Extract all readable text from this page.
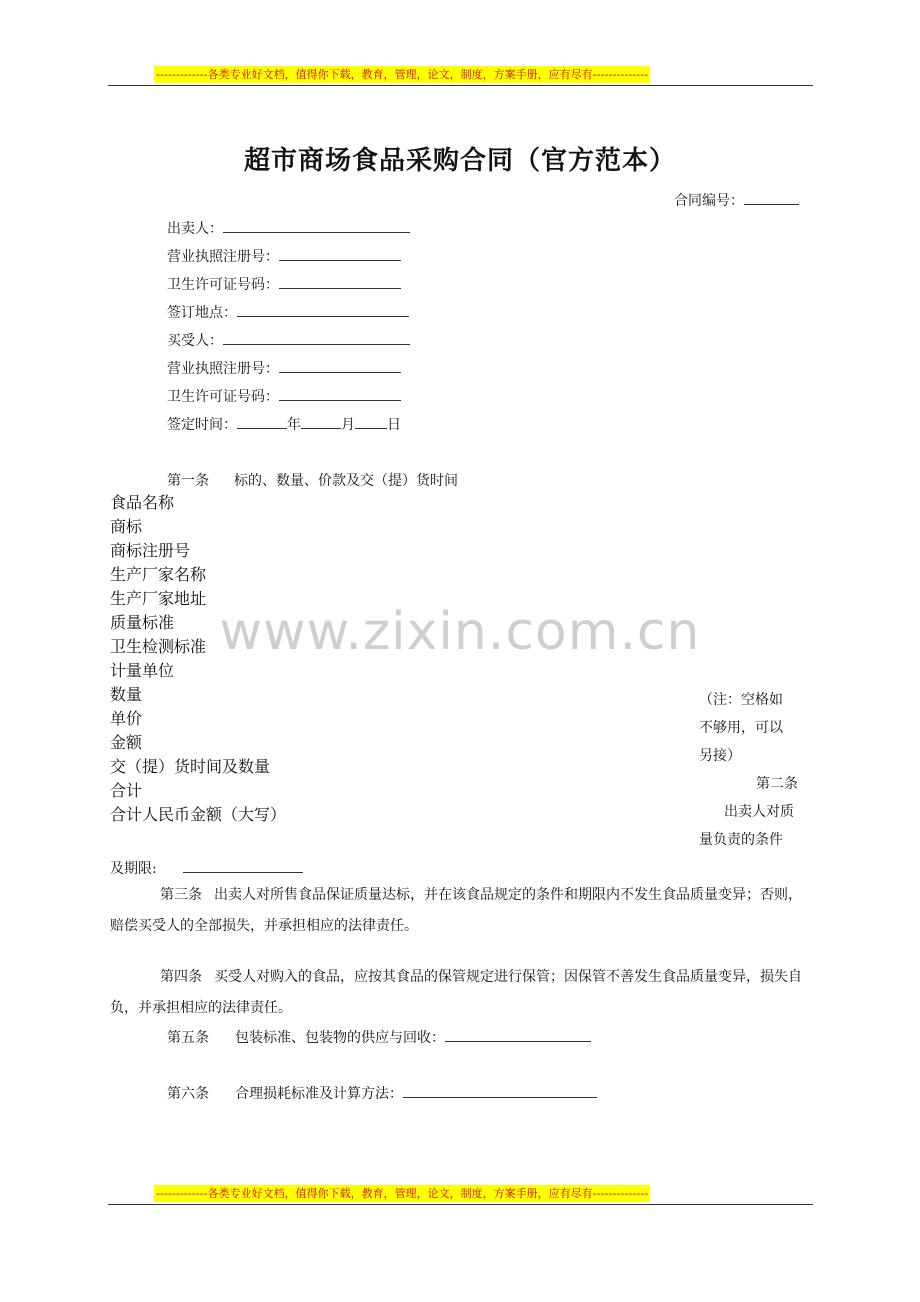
-------------各类专业好文档，值得你下载，教育，管理，论文，制度，方案手册，应有尽有--------------
超市商场食品采购合同（官方范本）
合同编号：
出卖人：
营业执照注册号：
卫生许可证号码：
签订地点：
买受人：
营业执照注册号：
卫生许可证号码：
签定时间：	年	月 日
第一条 标的、数量、价款及交（提）货时间
食品名称
商标
商标注册号
生产厂家名称
生产厂家地址
质量标准
卫生检测标准
计量单位
数量
单价
金额
交（提）货时间及数量
合计
合计人民币金额（大写）
www.zixin.com.cn
（注：空格如
不够用，可以
另接）
第二条
出卖人对质
量负责的条件
及期限:
第三条 出卖人对所售食品保证质量达标，并在该食品规定的条件和期限内不发生食品质量变异；否则，赔偿买受人的全部损失，并承担相应的法律责任。
第四条 买受人对购入的食品，应按其食品的保管规定进行保管；因保管不善发生食品质量变异，损失自负，并承担相应的法律责任。
第五条 包装标准、包装物的供应与回收：
第六条 合理损耗标准及计算方法：
-------------各类专业好文档，值得你下载，教育，管理，论文，制度，方案手册，应有尽有--------------
